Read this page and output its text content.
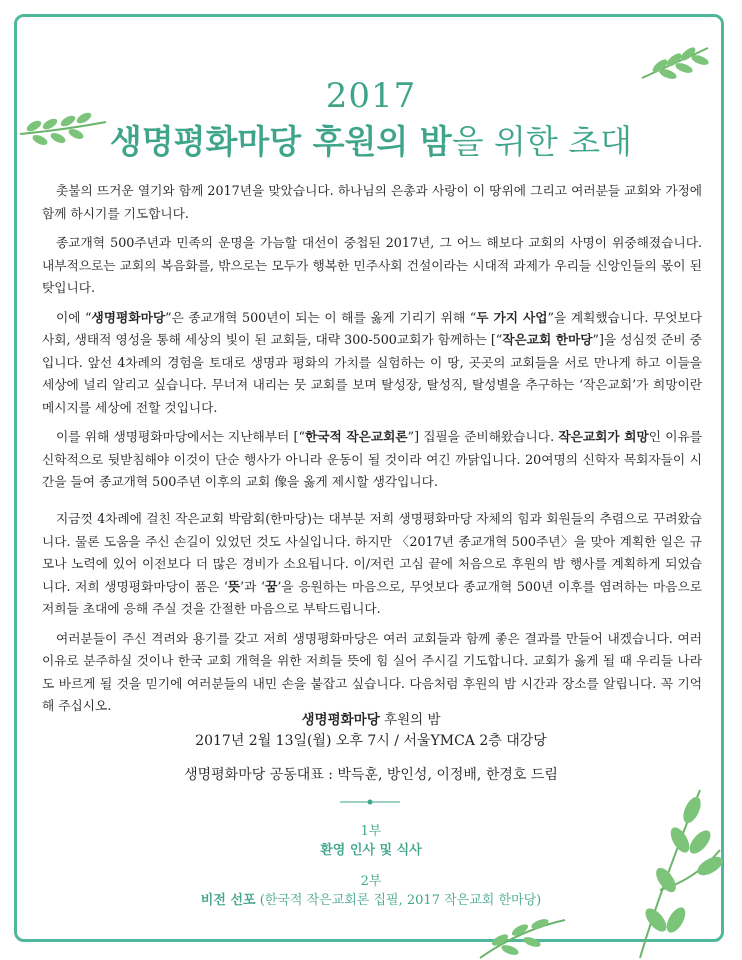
2017
생명평화마당 후원의 밤을 위한 초대

촛불의 뜨거운 열기와 함께 2017년을 맞았습니다. 하나님의 은총과 사랑이 이 땅위에 그리고 여러분들 교회와 가정에 함께 하시기를 기도합니다.

종교개혁 500주년과 민족의 운명을 가늠할 대선이 중첩된 2017년, 그 어느 해보다 교회의 사명이 위중해졌습니다. 내부적으로는 교회의 복음화를, 밖으로는 모두가 행복한 민주사회 건설이라는 시대적 과제가 우리들 신앙인들의 몫이 된 탓입니다.

이에 “생명평화마당”은 종교개혁 500년이 되는 이 해를 옳게 기리기 위해 “두 가지 사업”을 계획했습니다. 무엇보다 사회, 생태적 영성을 통해 세상의 빛이 된 교회들, 대략 300-500교회가 함께하는 [“작은교회 한마당”]을 성심껏 준비 중입니다. 앞선 4차례의 경험을 토대로 생명과 평화의 가치를 실험하는 이 땅, 곳곳의 교회들을 서로 만나게 하고 이들을 세상에 널리 알리고 싶습니다. 무너져 내리는 뭇 교회를 보며 탈성장, 탈성직, 탈성별을 추구하는 ‘작은교회’가 희망이란 메시지를 세상에 전할 것입니다.

이를 위해 생명평화마당에서는 지난해부터 [“한국적 작은교회론”] 집필을 준비해왔습니다. 작은교회가 희망인 이유를 신학적으로 뒷받침해야 이것이 단순 행사가 아니라 운동이 될 것이라 여긴 까닭입니다. 20여명의 신학자 목회자들이 시간을 들여 종교개혁 500주년 이후의 교회 像을 옳게 제시할 생각입니다.

지금껏 4차례에 걸친 작은교회 박람회(한마당)는 대부분 저희 생명평화마당 자체의 힘과 회원들의 추렴으로 꾸려왔습니다. 물론 도움을 주신 손길이 있었던 것도 사실입니다. 하지만 〈2017년 종교개혁 500주년〉을 맞아 계획한 일은 규모나 노력에 있어 이전보다 더 많은 경비가 소요됩니다. 이/저런 고심 끝에 처음으로 후원의 밤 행사를 계획하게 되었습니다. 저희 생명평화마당이 품은 ‘뜻’과 ‘꿈’을 응원하는 마음으로, 무엇보다 종교개혁 500년 이후를 염려하는 마음으로 저희들 초대에 응해 주실 것을 간절한 마음으로 부탁드립니다.

여러분들이 주신 격려와 용기를 갖고 저희 생명평화마당은 여러 교회들과 함께 좋은 결과를 만들어 내겠습니다. 여러 이유로 분주하실 것이나 한국 교회 개혁을 위한 저희들 뜻에 힘 실어 주시길 기도합니다. 교회가 옳게 될 때 우리들 나라도 바르게 될 것을 믿기에 여러분들의 내민 손을 붙잡고 싶습니다. 다음처럼 후원의 밤 시간과 장소를 알립니다. 꼭 기억해 주십시오.

생명평화마당 후원의 밤
2017년 2월 13일(월) 오후 7시 / 서울YMCA 2층 대강당
생명평화마당 공동대표 : 박득훈, 방인성, 이정배, 한경호 드림
1부
환영 인사 및 식사
2부
비전 선포 (한국적 작은교회론 집필, 2017 작은교회 한마당)
